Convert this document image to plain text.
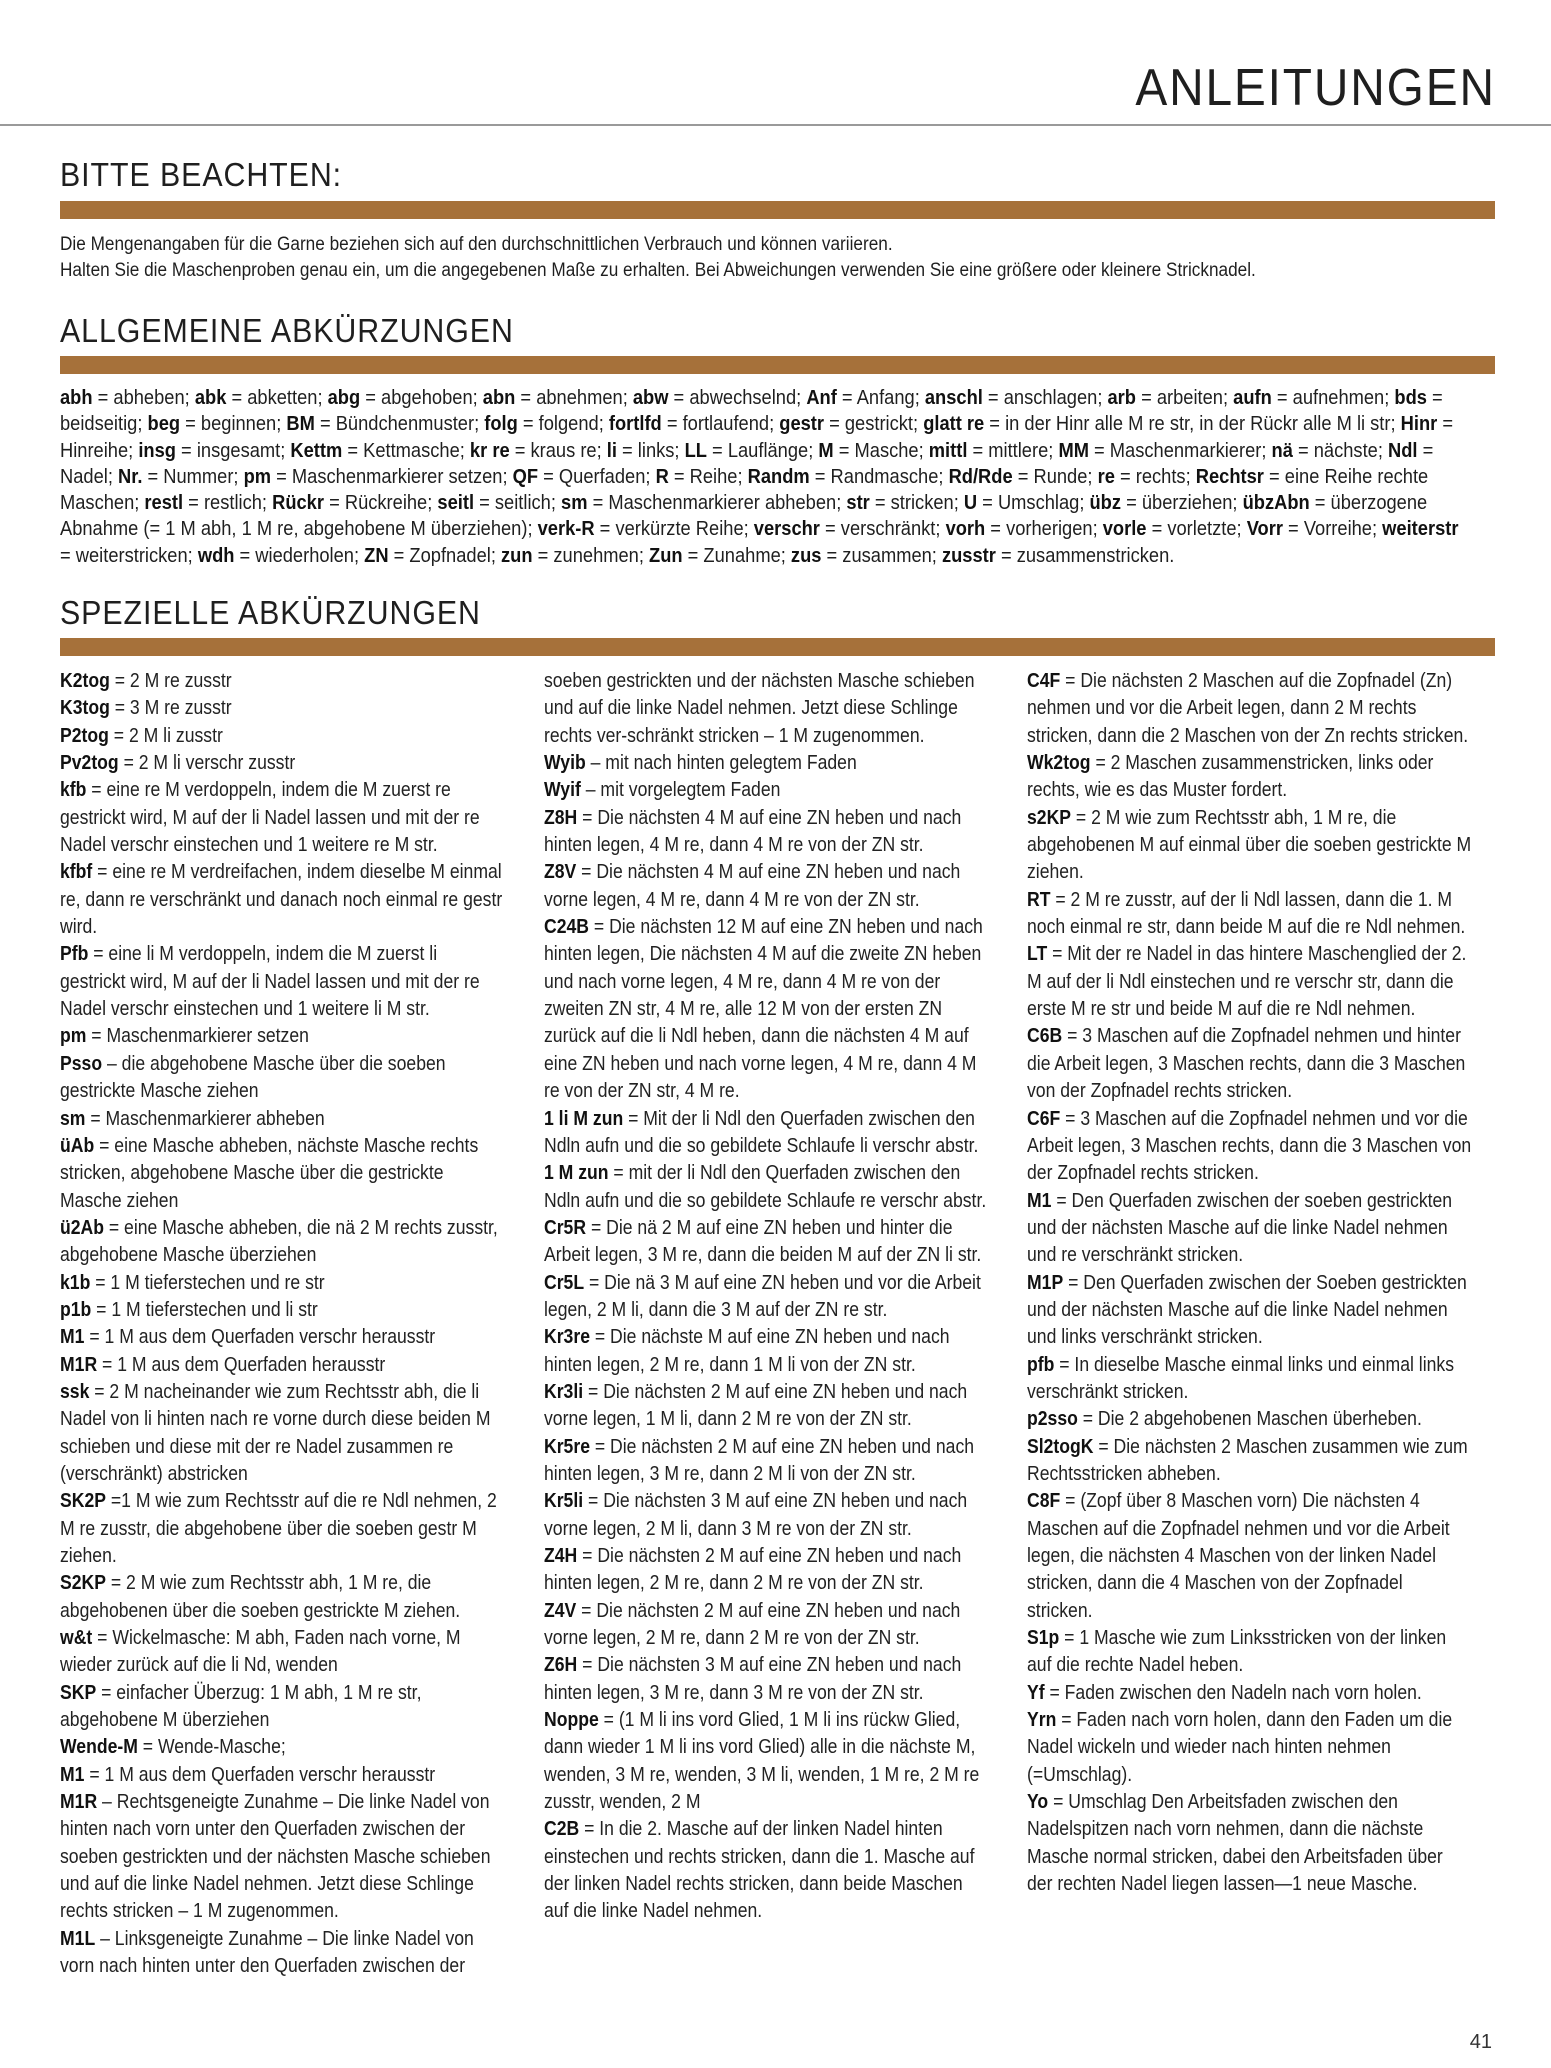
ANLEITUNGEN
BITTE BEACHTEN:
Die Mengenangaben für die Garne beziehen sich auf den durchschnittlichen Verbrauch und können variieren.
Halten Sie die Maschenproben genau ein, um die angegebenen Maße zu erhalten. Bei Abweichungen verwenden Sie eine größere oder kleinere Stricknadel.
ALLGEMEINE ABKÜRZUNGEN
abh = abheben; abk = abketten; abg = abgehoben; abn = abnehmen; abw = abwechselnd; Anf = Anfang; anschl = anschlagen; arb = arbeiten; aufn = aufnehmen; bds = beidseitig; beg = beginnen; BM = Bündchenmuster; folg = folgend; fortlfd = fortlaufend; gestr = gestrickt; glatt re = in der Hinr alle M re str, in der Rückr alle M li str; Hinr = Hinreihe; insg = insgesamt; Kettm = Kettmasche; kr re = kraus re; li = links; LL = Lauflänge; M = Masche; mittl = mittlere; MM = Maschenmarkierer; nä = nächste; Ndl = Nadel; Nr. = Nummer; pm = Maschenmarkierer setzen; QF = Querfaden; R = Reihe; Randm = Randmasche; Rd/Rde = Runde; re = rechts; Rechtsr = eine Reihe rechte Maschen; restl = restlich; Rückr = Rückreihe; seitl = seitlich; sm = Maschenmarkierer abheben; str = stricken; U = Umschlag; übz = überziehen; übzAbn = überzogene Abnahme (= 1 M abh, 1 M re, abgehobene M überziehen); verk-R = verkürzte Reihe; verschr = verschränkt; vorh = vorherigen; vorle = vorletzte; Vorr = Vorreihe; weiterstr = weiterstricken; wdh = wiederholen; ZN = Zopfnadel; zun = zunehmen; Zun = Zunahme; zus = zusammen; zusstr = zusammenstricken.
SPEZIELLE ABKÜRZUNGEN
K2tog = 2 M re zusstr
K3tog = 3 M re zusstr
P2tog = 2 M li zusstr
Pv2tog = 2 M li verschr zusstr
kfb = eine re M verdoppeln, indem die M zuerst re gestrickt wird, M auf der li Nadel lassen und mit der re Nadel verschr einstechen und 1 weitere re M str.
kfbf = eine re M verdreifachen, indem dieselbe M einmal re, dann re verschränkt und danach noch einmal re gestr wird.
Pfb = eine li M verdoppeln, indem die M zuerst li gestrickt wird, M auf der li Nadel lassen und mit der re Nadel verschr einstechen und 1 weitere li M str.
pm = Maschenmarkierer setzen
Psso – die abgehobene Masche über die soeben gestrickte Masche ziehen
sm = Maschenmarkierer abheben
üAb = eine Masche abheben, nächste Masche rechts stricken, abgehobene Masche über die gestrickte Masche ziehen
ü2Ab = eine Masche abheben, die nä 2 M rechts zusstr, abgehobene Masche überziehen
k1b = 1 M tieferstechen und re str
p1b = 1 M tieferstechen und li str
M1 = 1 M aus dem Querfaden verschr herausstr
M1R = 1 M aus dem Querfaden herausstr
ssk = 2 M nacheinander wie zum Rechtsstr abh, die li Nadel von li hinten nach re vorne durch diese beiden M schieben und diese mit der re Nadel zusammen re (verschränkt) abstricken
SK2P =1 M wie zum Rechtsstr auf die re Ndl nehmen, 2 M re zusstr, die abgehobene über die soeben gestr M ziehen.
S2KP = 2 M wie zum Rechtsstr abh, 1 M re, die abgehobenen über die soeben gestrickte M ziehen.
w&t = Wickelmasche: M abh, Faden nach vorne, M wieder zurück auf die li Nd, wenden
SKP = einfacher Überzug: 1 M abh, 1 M re str, abgehobene M überziehen
Wende-M = Wende-Masche;
M1 = 1 M aus dem Querfaden verschr herausstr
M1R – Rechtsgeneigte Zunahme – Die linke Nadel von hinten nach vorn unter den Querfaden zwischen der soeben gestrickten und der nächsten Masche schieben und auf die linke Nadel nehmen. Jetzt diese Schlinge rechts stricken – 1 M zugenommen.
M1L – Linksgeneigte Zunahme – Die linke Nadel von vorn nach hinten unter den Querfaden zwischen der
soeben gestrickten und der nächsten Masche schieben und auf die linke Nadel nehmen. Jetzt diese Schlinge rechts ver-schränkt stricken – 1 M zugenommen.
Wyib – mit nach hinten gelegtem Faden
Wyif – mit vorgelegtem Faden
Z8H = Die nächsten 4 M auf eine ZN heben und nach hinten legen, 4 M re, dann 4 M re von der ZN str.
Z8V = Die nächsten 4 M auf eine ZN heben und nach vorne legen, 4 M re, dann 4 M re von der ZN str.
C24B = Die nächsten 12 M auf eine ZN heben und nach hinten legen, Die nächsten 4 M auf die zweite ZN heben und nach vorne legen, 4 M re, dann 4 M re von der zweiten ZN str, 4 M re, alle 12 M von der ersten ZN zurück auf die li Ndl heben, dann die nächsten 4 M auf eine ZN heben und nach vorne legen, 4 M re, dann 4 M re von der ZN str, 4 M re.
1 li M zun = Mit der li Ndl den Querfaden zwischen den Ndln aufn und die so gebildete Schlaufe li verschr abstr.
1 M zun = mit der li Ndl den Querfaden zwischen den Ndln aufn und die so gebildete Schlaufe re verschr abstr.
Cr5R = Die nä 2 M auf eine ZN heben und hinter die Arbeit legen, 3 M re, dann die beiden M auf der ZN li str.
Cr5L = Die nä 3 M auf eine ZN heben und vor die Arbeit legen, 2 M li, dann die 3 M auf der ZN re str.
Kr3re = Die nächste M auf eine ZN heben und nach hinten legen, 2 M re, dann 1 M li von der ZN str.
Kr3li = Die nächsten 2 M auf eine ZN heben und nach vorne legen, 1 M li, dann 2 M re von der ZN str.
Kr5re = Die nächsten 2 M auf eine ZN heben und nach hinten legen, 3 M re, dann 2 M li von der ZN str.
Kr5li = Die nächsten 3 M auf eine ZN heben und nach vorne legen, 2 M li, dann 3 M re von der ZN str.
Z4H = Die nächsten 2 M auf eine ZN heben und nach hinten legen, 2 M re, dann 2 M re von der ZN str.
Z4V = Die nächsten 2 M auf eine ZN heben und nach vorne legen, 2 M re, dann 2 M re von der ZN str.
Z6H = Die nächsten 3 M auf eine ZN heben und nach hinten legen, 3 M re, dann 3 M re von der ZN str.
Noppe = (1 M li ins vord Glied, 1 M li ins rückw Glied, dann wieder 1 M li ins vord Glied) alle in die nächste M, wenden, 3 M re, wenden, 3 M li, wenden, 1 M re, 2 M re zusstr, wenden, 2 M
C2B = In die 2. Masche auf der linken Nadel hinten einstechen und rechts stricken, dann die 1. Masche auf der linken Nadel rechts stricken, dann beide Maschen auf die linke Nadel nehmen.
C4F = Die nächsten 2 Maschen auf die Zopfnadel (Zn) nehmen und vor die Arbeit legen, dann 2 M rechts stricken, dann die 2 Maschen von der Zn rechts stricken.
Wk2tog = 2 Maschen zusammenstricken, links oder rechts, wie es das Muster fordert.
s2KP = 2 M wie zum Rechtsstr abh, 1 M re, die abgehobenen M auf einmal über die soeben gestrickte M ziehen.
RT = 2 M re zusstr, auf der li Ndl lassen, dann die 1. M noch einmal re str, dann beide M auf die re Ndl nehmen.
LT = Mit der re Nadel in das hintere Maschenglied der 2. M auf der li Ndl einstechen und re verschr str, dann die erste M re str und beide M auf die re Ndl nehmen.
C6B = 3 Maschen auf die Zopfnadel nehmen und hinter die Arbeit legen, 3 Maschen rechts, dann die 3 Maschen von der Zopfnadel rechts stricken.
C6F = 3 Maschen auf die Zopfnadel nehmen und vor die Arbeit legen, 3 Maschen rechts, dann die 3 Maschen von der Zopfnadel rechts stricken.
M1 = Den Querfaden zwischen der soeben gestrickten und der nächsten Masche auf die linke Nadel nehmen und re verschränkt stricken.
M1P = Den Querfaden zwischen der Soeben gestrickten und der nächsten Masche auf die linke Nadel nehmen und links verschränkt stricken.
pfb = In dieselbe Masche einmal links und einmal links verschränkt stricken.
p2sso = Die 2 abgehobenen Maschen überheben.
Sl2togK = Die nächsten 2 Maschen zusammen wie zum Rechtsstricken abheben.
C8F = (Zopf über 8 Maschen vorn) Die nächsten 4 Maschen auf die Zopfnadel nehmen und vor die Arbeit legen, die nächsten 4 Maschen von der linken Nadel stricken, dann die 4 Maschen von der Zopfnadel stricken.
S1p = 1 Masche wie zum Linksstricken von der linken auf die rechte Nadel heben.
Yf = Faden zwischen den Nadeln nach vorn holen.
Yrn = Faden nach vorn holen, dann den Faden um die Nadel wickeln und wieder nach hinten nehmen (=Umschlag).
Yo = Umschlag Den Arbeitsfaden zwischen den Nadelspitzen nach vorn nehmen, dann die nächste Masche normal stricken, dabei den Arbeitsfaden über der rechten Nadel liegen lassen—1 neue Masche.
41
